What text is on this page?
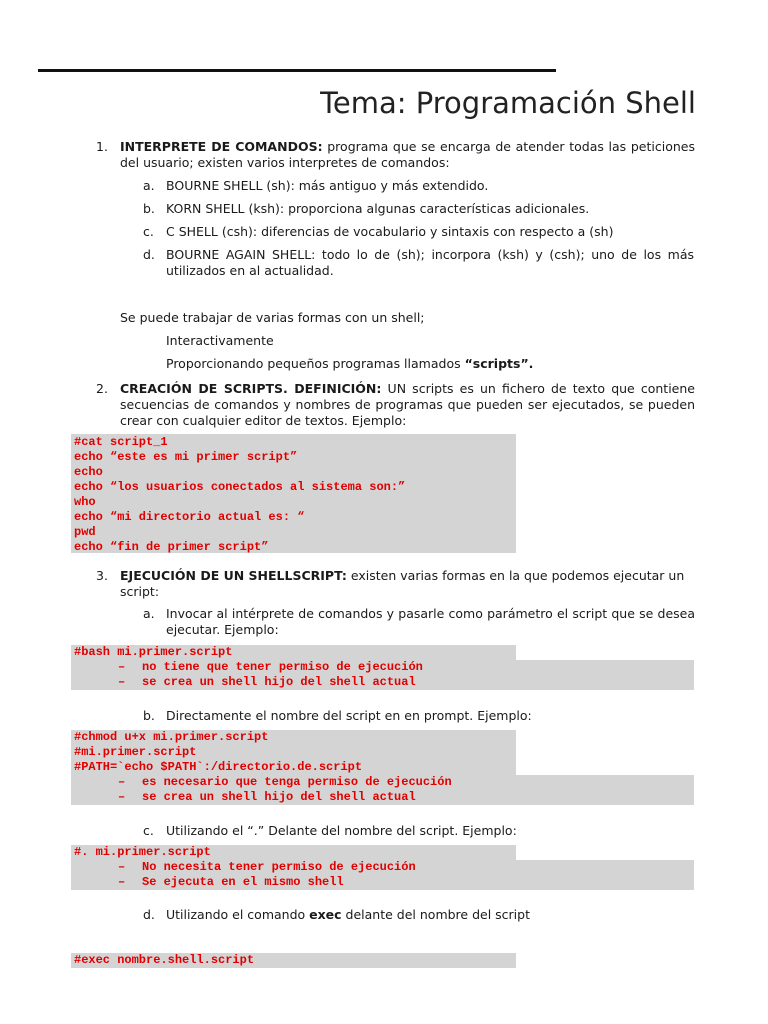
Tema: Programación Shell
1. INTERPRETE DE COMANDOS: programa que se encarga de atender todas las peticiones del usuario; existen varios interpretes de comandos:
a. BOURNE SHELL (sh): más antiguo y más extendido.
b. KORN SHELL (ksh): proporciona algunas características adicionales.
c. C SHELL (csh): diferencias de vocabulario y sintaxis con respecto a (sh)
d. BOURNE AGAIN SHELL: todo lo de (sh); incorpora (ksh) y (csh); uno de los más utilizados en al actualidad.
Se puede trabajar de varias formas con un shell;
Interactivamente
Proporcionando pequeños programas llamados “scripts”.
2. CREACIÓN DE SCRIPTS. DEFINICIÓN: UN scripts es un fichero de texto que contiene secuencias de comandos y nombres de programas que pueden ser ejecutados, se pueden crear con cualquier editor de textos. Ejemplo:
#cat script_1
echo “este es mi primer script”
echo
echo “los usuarios conectados al sistema son:”
who
echo “mi directorio actual es: “
pwd
echo “fin de primer script”
3. EJECUCIÓN DE UN SHELLSCRIPT: existen varias formas en la que podemos ejecutar un script:
a. Invocar al intérprete de comandos y pasarle como parámetro el script que se desea ejecutar. Ejemplo:
#bash mi.primer.script
– no tiene que tener permiso de ejecución
– se crea un shell hijo del shell actual
b. Directamente el nombre del script en en prompt. Ejemplo:
#chmod u+x mi.primer.script
#mi.primer.script
#PATH=`echo $PATH`:/directorio.de.script
– es necesario que tenga permiso de ejecución
– se crea un shell hijo del shell actual
c. Utilizando el “.” Delante del nombre del script. Ejemplo:
#. mi.primer.script
– No necesita tener permiso de ejecución
– Se ejecuta en el mismo shell
d. Utilizando el comando exec delante del nombre del script
#exec nombre.shell.script
